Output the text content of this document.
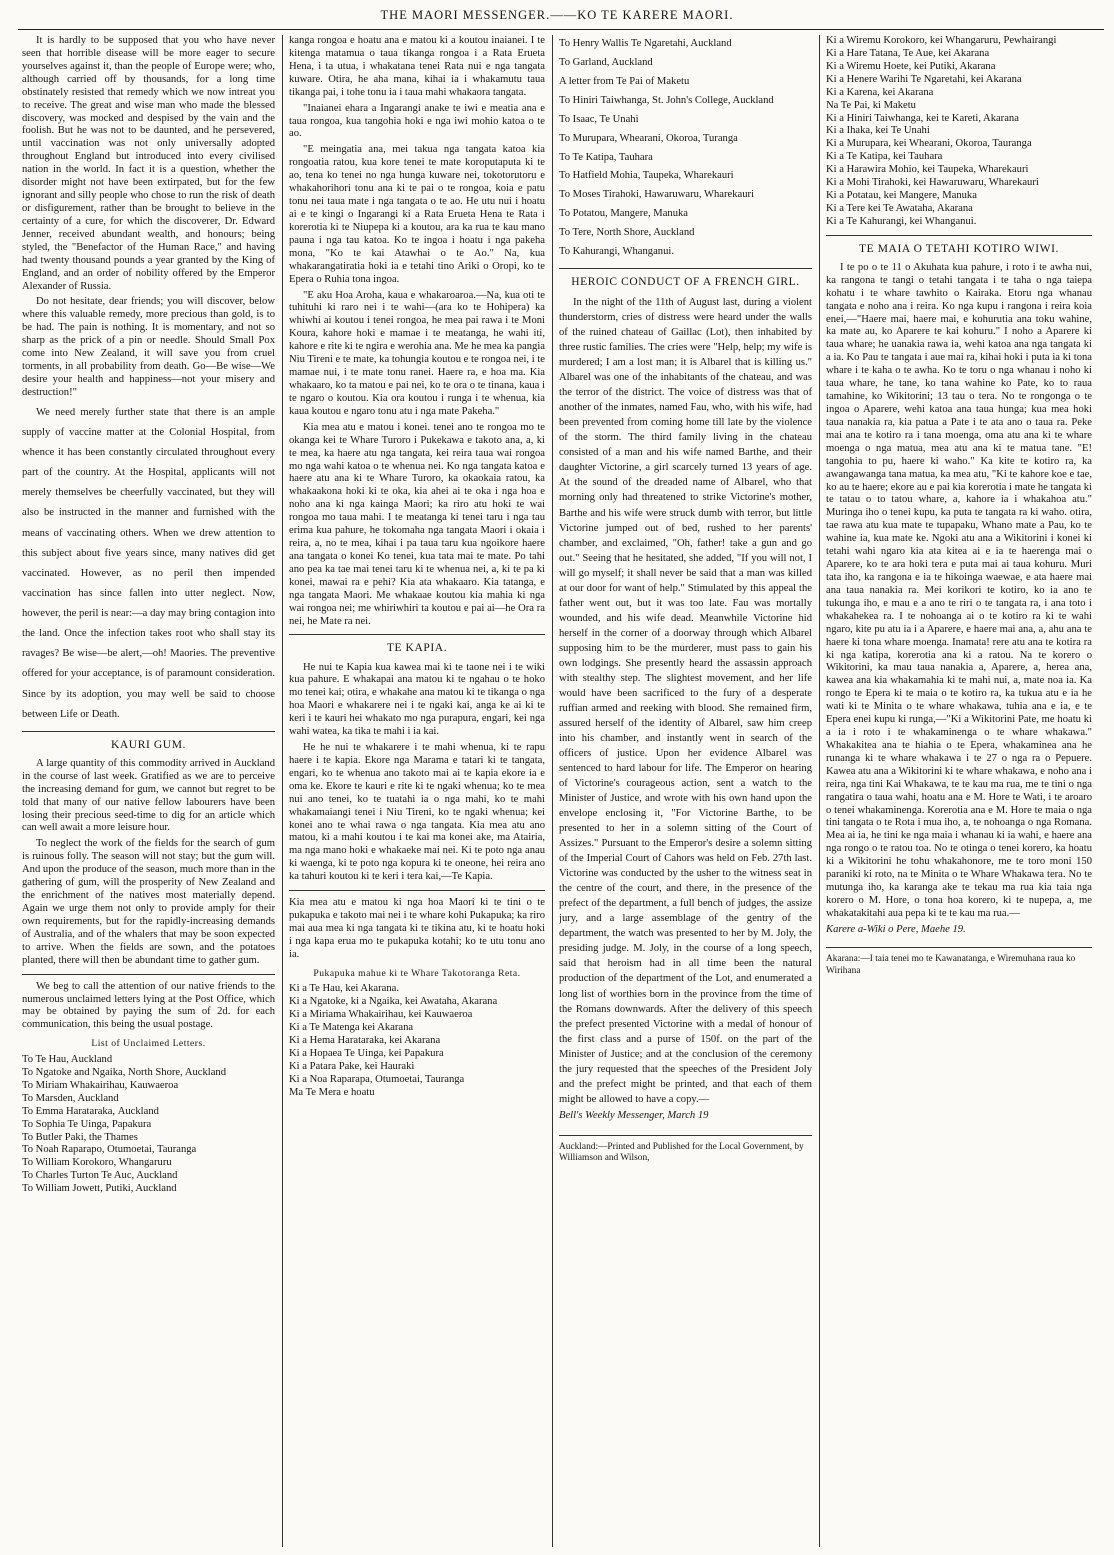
THE MAORI MESSENGER.——KO TE KARERE MAORI.

It is hardly to be supposed that you who have never seen that horrible disease will be more eager to secure yourselves against it, than the people of Europe were; who, although carried off by thousands, for a long time obstinately resisted that remedy which we now intreat you to receive. The great and wise man who made the blessed discovery, was mocked and despised by the vain and the foolish. But he was not to be daunted, and he persevered, until vaccination was not only universally adopted throughout England but introduced into every civilised nation in the world. In fact it is a question, whether the disorder might not have been extirpated, but for the few ignorant and silly people who chose to run the risk of death or disfigurement, rather than be brought to believe in the certainty of a cure, for which the discoverer, Dr. Edward Jenner, received abundant wealth, and honours; being styled, the "Benefactor of the Human Race," and having had twenty thousand pounds a year granted by the King of England, and an order of nobility offered by the Emperor Alexander of Russia.

Do not hesitate, dear friends; you will discover, below where this valuable remedy, more precious than gold, is to be had. The pain is nothing. It is momentary, and not so sharp as the prick of a pin or needle. Should Small Pox come into New Zealand, it will save you from cruel torments, in all probability from death. Go—Be wise—We desire your health and happiness—not your misery and destruction!"

We need merely further state that there is an ample supply of vaccine matter at the Colonial Hospital, from whence it has been constantly circulated throughout every part of the country. At the Hospital, applicants will not merely themselves be cheerfully vaccinated, but they will also be instructed in the manner and furnished with the means of vaccinating others. When we drew attention to this subject about five years since, many natives did get vaccinated. However, as no peril then impended vaccination has since fallen into utter neglect. Now, however, the peril is near:—a day may bring contagion into the land. Once the infection takes root who shall stay its ravages? Be wise—be alert,—oh! Maories. The preventive offered for your acceptance, is of paramount consideration. Since by its adoption, you may well be said to choose between Life or Death.

KAURI GUM.

A large quantity of this commodity arrived in Auckland in the course of last week. Gratified as we are to perceive the increasing demand for gum, we cannot but regret to be told that many of our native fellow labourers have been losing their precious seed-time to dig for an article which can well await a more leisure hour.

To neglect the work of the fields for the search of gum is ruinous folly. The season will not stay; but the gum will. And upon the produce of the season, much more than in the gathering of gum, will the prosperity of New Zealand and the enrichment of the natives most materially depend. Again we urge them not only to provide amply for their own requirements, but for the rapidly-increasing demands of Australia, and of the whalers that may be soon expected to arrive. When the fields are sown, and the potatoes planted, there will then be abundant time to gather gum.

We beg to call the attention of our native friends to the numerous unclaimed letters lying at the Post Office, which may be obtained by paying the sum of 2d. for each communication, this being the usual postage.

List of Unclaimed Letters.
To Te Hau, Auckland
To Ngatoke and Ngaika, North Shore, Auckland
To Miriam Whakairihau, Kauwaeroa
To Marsden, Auckland
To Emma Haratarakа, Auckland
To Sophia Te Uinga, Papakura
To Butler Paki, the Thames
To Noah Raparapo, Otumoetai, Tauranga
To William Korokoro, Whangaruru
To Charles Turton Te Auc, Auckland
To William Jowett, Putiki, Auckland

kanga rongoa e hoatu ana e matou ki a koutou inaianei. I te kitenga matamua o taua tikanga rongoa i a Rata Erueta Hena, i ta utua, i whakatana tenei Rata nui e nga tangata kuware. Otira, he aha mana, kihai ia i whakamutu taua tikanga pai, i tohe tonu ia i taua mahi whakaora tangata.

"Inaianei ehara a Ingarangi anake te iwi e meatia ana e taua rongoa, kua tangohia hoki e nga iwi mohio katoa o te ao.

"E meingatia ana, mei takua nga tangata katoa kia rongoatia ratou, kua kore tenei te mate koroputaputa ki te ao, tena ko tenei no nga hunga kuware nei, tokotorutoru e whakahorihori tonu ana ki te pai o te rongoa, koia e patu tonu nei taua mate i nga tangata o te ao. He utu nui i hoatu ai e te kingi o Ingarangi ki a Rata Erueta Hena te Rata i korerotia ki te Niupepa ki a koutou, ara ka rua te kau mano pauna i nga tau katoa. Ko te ingoa i hoatu i nga pakeha mona, "Ko te kai Atawhai o te Ao." Na, kua whakarangatiratia hoki ia e tetahi tino Ariki o Oropi, ko te Epera o Ruhia tona ingoa.

"E aku Hoa Aroha, kaua e whakaroaroa.—Na, kua oti te tuhituhi ki raro nei i te wahi—(ara ko te Hohipera) ka whiwhi ai koutou i tenei rongoa, he mea pai rawa i te Moni Koura, kahore hoki e mamae i te meatanga, he wahi iti, kahore e rite ki te ngira e werohia ana. Me he mea ka pangia Niu Tireni e te mate, ka tohungia koutou e te rongoa nei, i te mamae nui, i te mate tonu ranei. Haere ra, e hoa ma. Kia whakaaro, ko ta matou e pai nei, ko te ora o te tinana, kaua i te ngaro o koutou. Kia ora koutou i runga i te whenua, kia kaua koutou e ngaro tonu atu i nga mate Pakeha."

Kia mea atu e matou i konei. tenei ano te rongoa mo te okanga kei te Whare Turoro i Pukekawa e takoto ana, a, ki te mea, ka haere atu nga tangata, kei reira taua wai rongoa mo nga wahi katoa o te whenua nei. Ko nga tangata katoa e haere atu ana ki te Whare Turoro, ka okaokaia ratou, ka whakaakona hoki ki te oka, kia ahei ai te oka i nga hoa e noho ana ki nga kainga Maori; ka riro atu hoki te wai rongoa mo taua mahi. I te meatanga ki tenei taru i nga tau erima kua pahure, he tokomaha nga tangata Maori i okaia i reira, a, no te mea, kihai i pa taua taru kua ngoikore haere ana tangata o konei Ko tenei, kua tata mai te mate. Po tahi ano pea ka tae mai tenei taru ki te whenua nei, a, ki te pa ki konei, mawai ra e pehi? Kia ata whakaaro. Kia tatanga, e nga tangata Maori. Me whakaae koutou kia mahia ki nga wai rongoa nei; me whiriwhiri ta koutou e pai ai—he Ora ra nei, he Mate ra nei.

TE KAPIA.

He nui te Kapia kua kawea mai ki te taone nei i te wiki kua pahure. E whakapai ana matou ki te ngahau o te hoko mo tenei kai; otira, e whakahe ana matou ki te tikanga o nga hoa Maori e whakarere nei i te ngaki kai, anga ke ai ki te keri i te kauri hei whakato mo nga purapura, engari, kei nga wahi watea, ka tika te mahi i ia kai.

He he nui te whakarere i te mahi whenua, ki te rapu haere i te kapia. Ekore nga Marama e tatari ki te tangata, engari, ko te whenua ano takoto mai ai te kapia ekore ia e oma ke. Ekore te kauri e rite ki te ngaki whenua; ko te mea nui ano tenei, ko te tuatahi ia o nga mahi, ko te mahi whakamaiangi tenei i Niu Tireni, ko te ngaki whenua; kei konei ano te whai rawa o nga tangata. Kia mea atu ano matou, ki a mahi koutou i te kai ma konei ake, ma Atairia, ma nga mano hoki e whakaeke mai nei. Ki te poto nga anau ki waenga, ki te poto nga kopura ki te oneone, hei reira ano ka tahuri koutou ki te keri i tera kai,—Te Kapia.

Kia mea atu e matou ki nga hoa Maori ki te tini o te pukapuka e takoto mai nei i te whare kohi Pukapuka; ka riro mai aua mea ki nga tangata ki te tikina atu, ki te hoatu hoki i nga kapa erua mo te pukapuka kotahi; ko te utu tonu ano ia.

Pukapuka mahue ki te Whare Takotoranga Reta.
Ki a Te Hau, kei Akarana.
Ki a Ngatoke, ki a Ngaika, kei Awataha, Akarana
Ki a Miriama Whakairihau, kei Kauwaeroa
Ki a Te Matenga kei Akarana
Ki a Hema Haratarakа, kei Akarana
Ki a Hopaea Te Uinga, kei Papakura
Ki a Patara Pake, kei Hauraki
Ki a Noa Raparapa, Otumoetai, Tauranga
Ma Te Mera e hoatu
To Henry Wallis Te Ngaretahi, Auckland
To Garland, Auckland
A letter from Te Pai of Maketu
To Hiniri Taiwhanga, St. John's College, Auckland
To Isaac, Te Unahi
To Murupara, Whearani, Okoroa, Turanga
To Te Katipa, Tauhara
To Hatfield Mohia, Taupeka, Wharekauri
To Moses Tirahoki, Hawaruwaru, Wharekauri
To Potatou, Mangere, Manuka
To Tere, North Shore, Auckland
To Kahurangi, Whanganui.
HEROIC CONDUCT OF A FRENCH GIRL.

In the night of the 11th of August last, during a violent thunderstorm, cries of distress were heard under the walls of the ruined chateau of Gaillac (Lot), then inhabited by three rustic families. The cries were "Help, help; my wife is murdered; I am a lost man; it is Albarel that is killing us." Albarel was one of the inhabitants of the chateau, and was the terror of the district. The voice of distress was that of another of the inmates, named Fau, who, with his wife, had been prevented from coming home till late by the violence of the storm. The third family living in the chateau consisted of a man and his wife named Barthe, and their daughter Victorine, a girl scarcely turned 13 years of age. At the sound of the dreaded name of Albarel, who that morning only had threatened to strike Victorine's mother, Barthe and his wife were struck dumb with terror, but little Victorine jumped out of bed, rushed to her parents' chamber, and exclaimed, "Oh, father! take a gun and go out." Seeing that he hesitated, she added, "If you will not, I will go myself; it shall never be said that a man was killed at our door for want of help." Stimulated by this appeal the father went out, but it was too late. Fau was mortally wounded, and his wife dead. Meanwhile Victorine hid herself in the corner of a doorway through which Albarel supposing him to be the murderer, must pass to gain his own lodgings. She presently heard the assassin approach with stealthy step. The slightest movement, and her life would have been sacrificed to the fury of a desperate ruffian armed and reeking with blood. She remained firm, assured herself of the identity of Albarel, saw him creep into his chamber, and instantly went in search of the officers of justice. Upon her evidence Albarel was sentenced to hard labour for life. The Emperor on hearing of Victorine's courageous action, sent a watch to the Minister of Justice, and wrote with his own hand upon the envelope enclosing it, "For Victorine Barthe, to be presented to her in a solemn sitting of the Court of Assizes." Pursuant to the Emperor's desire a solemn sitting of the Imperial Court of Cahors was held on Feb. 27th last. Victorine was conducted by the usher to the witness seat in the centre of the court, and there, in the presence of the prefect of the department, a full bench of judges, the assize jury, and a large assemblage of the gentry of the department, the watch was presented to her by M. Joly, the presiding judge. M. Joly, in the course of a long speech, said that heroism had in all time been the natural production of the department of the Lot, and enumerated a long list of worthies born in the province from the time of the Romans downwards. After the delivery of this speech the prefect presented Victorine with a medal of honour of the first class and a purse of 150f. on the part of the Minister of Justice; and at the conclusion of the ceremony the jury requested that the speeches of the President Joly and the prefect might be printed, and that each of them might be allowed to have a copy.—

Bell's Weekly Messenger, March 19

Auckland:—Printed and Published for the Local Government, by Williamson and Wilson,

Ki a Wiremu Korokoro, kei Whangaruru, Pewhairangi
Ki a Hare Tatana, Te Aue, kei Akarana
Ki a Wiremu Hoete, kei Putiki, Akarana
Ki a Henere Warihi Te Ngaretahi, kei Akarana
Ki a Karena, kei Akarana
Na Te Pai, ki Maketu
Ki a Hiniri Taiwhanga, kei te Kareti, Akarana
Ki a Ihaka, kei Te Unahi
Ki a Murupara, kei Whearani, Okoroa, Tauranga
Ki a Te Katipa, kei Tauhara
Ki a Harawira Mohio, kei Taupeka, Wharekauri
Ki a Mohi Tirahoki, kei Hawaruwaru, Wharekauri
Ki a Potatau, kei Mangere, Manuka
Ki a Tere kei Te Awataha, Akarana
Ki a Te Kahurangi, kei Whanganui.
TE MAIA O TETAHI KOTIRO WIWI.

I te po o te 11 o Akuhata kua pahure, i roto i te awha nui, ka rangona te tangi o tetahi tangata i te taha o nga taiepa kohatu i te whare tawhito o Kairaka. Etoru nga whanau tangata e noho ana i reira. Ko nga kupu i rangona i reira koia enei,—"Haere mai, haere mai, e kohurutia ana toku wahine, ka mate au, ko Aparere te kai kohuru." I noho a Aparere ki taua whare; he uanakia rawa ia, wehi katoa ana nga tangata ki a ia. Ko Pau te tangata i aue mai ra, kihai hoki i puta ia ki tona whare i te kaha o te awha. Ko te toru o nga whanau i noho ki taua whare, he tane, ko tana wahine ko Pate, ko to raua tamahine, ko Wikitorini; 13 tau o tera. No te rongonga o te ingoa o Aparere, wehi katoa ana taua hunga; kua mea hoki taua nanakia ra, kia patua a Pate i te ata ano o taua ra. Peke mai ana te kotiro ra i tana moenga, oma atu ana ki te whare moenga o nga matua, mea atu ana ki te matua tane. "E! tangohia to pu, haere ki waho." Ka kite te kotiro ra, ka awangawanga tana matua, ka mea atu, "Ki te kahore koe e tae, ko au te haere; ekore au e pai kia korerotia i mate he tangata ki te tatau o to tatou whare, a, kahore ia i whakahoa atu." Muringa iho o tenei kupu, ka puta te tangata ra ki waho. otira, tae rawa atu kua mate te tupapaku, Whano mate a Pau, ko te wahine ia, kua mate ke. Ngoki atu ana a Wikitorini i konei ki tetahi wahi ngaro kia ata kitea ai e ia te haerenga mai o Aparere, ko te ara hoki tera e puta mai ai taua kohuru. Muri tata iho, ka rangona e ia te hikoinga waewae, e ata haere mai ana taua nanakia ra. Mei korikori te kotiro, ko ia ano te tukunga iho, e mau e a ano te riri o te tangata ra, i ana toto i whakahekea ra. I te nohoanga ai o te kotiro ra ki te wahi ngaro, kite pu atu ia i a Aparere, e haere mai ana, a, ahu ana te haere ki tona whare moenga. Inamata! rere atu ana te kotira ra ki nga katipa, korerotia ana ki a ratou. Na te korero o Wikitorini, ka mau taua nanakia a, Aparere, a, herea ana, kawea ana kia whakamahia ki te mahi nui, a, mate noa ia. Ka rongo te Epera ki te maia o te kotiro ra, ka tukua atu e ia he wati ki te Minita o te whare whakawa, tuhia ana e ia, e te Epera enei kupu ki runga,—"Ki a Wikitorini Pate, me hoatu ki a ia i roto i te whakaminenga o te whare whakawa." Whakakitea ana te hiahia o te Epera, whakaminea ana he runanga ki te whare whakawa i te 27 o nga ra o Pepuere. Kawea atu ana a Wikitorini ki te whare whakawa, e noho ana i reira, nga tini Kai Whakawa, te te kau ma rua, me te tini o nga rangatira o taua wahi, hoatu ana e M. Hore te Wati, i te aroaro o tenei whakaminenga. Korerotia ana e M. Hore te maia o nga tini tangata o te Rota i mua iho, a, te nohoanga o nga Romana. Mea ai ia, he tini ke nga maia i whanau ki ia wahi, e haere ana nga rongo o te ratou toa. No te otinga o tenei korero, ka hoatu ki a Wikitorini he tohu whakahonore, me te toro moni 150 paraniki ki roto, na te Minita o te Whare Whakawa tera. No te mutunga iho, ka karanga ake te tekau ma rua kia taia nga korero o M. Hore, o tona hoa korero, ki te nupepa, a, me whakatakitahi aua pepa ki te te kau ma rua.—

Karere a-Wiki o Pere, Maehe 19.

Akarana:—I taia tenei mo te Kawanatanga, e Wiremuhana raua ko Wirihana
